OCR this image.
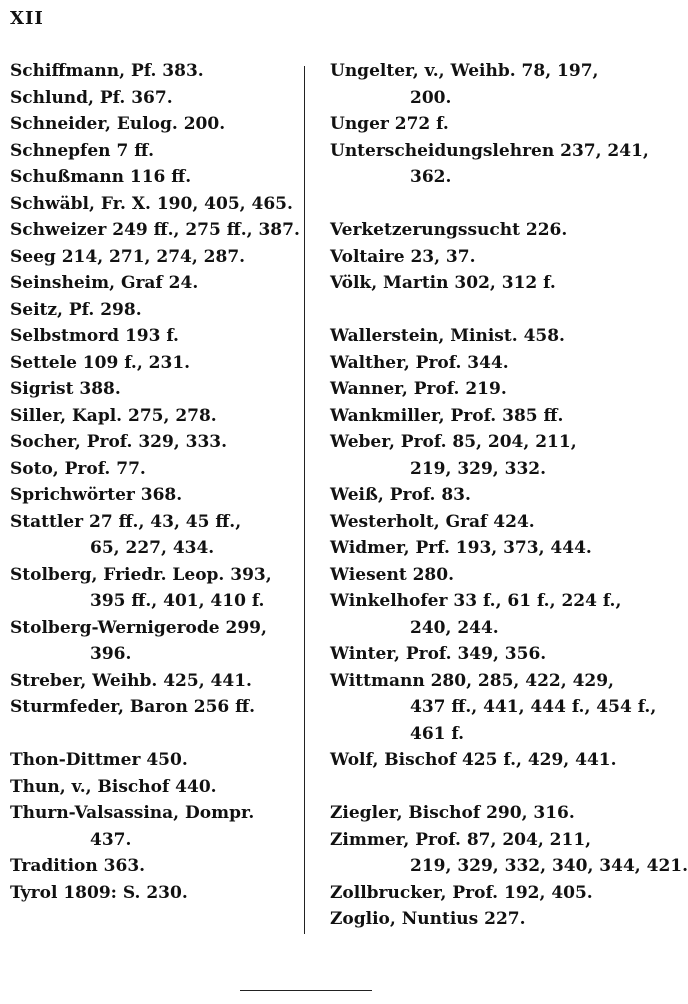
XII
Schiffmann, Pf. 383.
Schlund, Pf. 367.
Schneider, Eulog. 200.
Schnepfen 7 ff.
Schußmann 116 ff.
Schwäbl, Fr. X. 190, 405, 465.
Schweizer 249 ff., 275 ff., 387.
Seeg 214, 271, 274, 287.
Seinsheim, Graf 24.
Seitz, Pf. 298.
Selbstmord 193 f.
Settele 109 f., 231.
Sigrist 388.
Siller, Kapl. 275, 278.
Socher, Prof. 329, 333.
Soto, Prof. 77.
Sprichwörter 368.
Stattler 27 ff., 43, 45 ff.,
65, 227, 434.
Stolberg, Friedr. Leop. 393,
395 ff., 401, 410 f.
Stolberg-Wernigerode 299,
396.
Streber, Weihb. 425, 441.
Sturmfeder, Baron 256 ff.
Thon-Dittmer 450.
Thun, v., Bischof 440.
Thurn-Valsassina, Dompr.
437.
Tradition 363.
Tyrol 1809: S. 230.
Ungelter, v., Weihb. 78, 197,
200.
Unger 272 f.
Unterscheidungslehren 237, 241,
362.
Verketzerungssucht 226.
Voltaire 23, 37.
Völk, Martin 302, 312 f.
Wallerstein, Minist. 458.
Walther, Prof. 344.
Wanner, Prof. 219.
Wankmiller, Prof. 385 ff.
Weber, Prof. 85, 204, 211,
219, 329, 332.
Weiß, Prof. 83.
Westerholt, Graf 424.
Widmer, Prf. 193, 373, 444.
Wiesent 280.
Winkelhofer 33 f., 61 f., 224 f.,
240, 244.
Winter, Prof. 349, 356.
Wittmann 280, 285, 422, 429,
437 ff., 441, 444 f., 454 f.,
461 f.
Wolf, Bischof 425 f., 429, 441.
Ziegler, Bischof 290, 316.
Zimmer, Prof. 87, 204, 211,
219, 329, 332, 340, 344, 421.
Zollbrucker, Prof. 192, 405.
Zoglio, Nuntius 227.
